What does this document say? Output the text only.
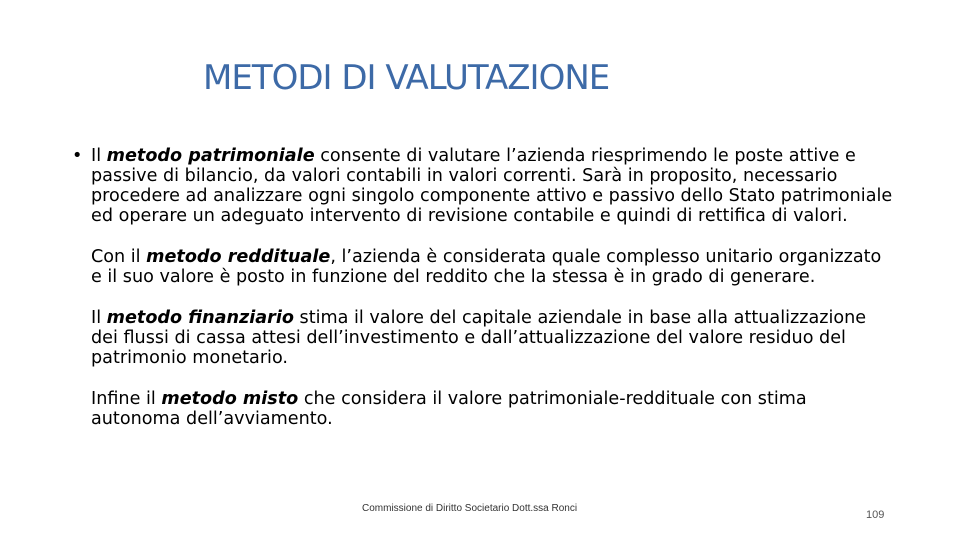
METODI DI VALUTAZIONE

• Il metodo patrimoniale consente di valutare l’azienda riesprimendo le poste attive e passive di bilancio, da valori contabili in valori correnti. Sarà in proposito, necessario procedere ad analizzare ogni singolo componente attivo e passivo dello Stato patrimoniale ed operare un adeguato intervento di revisione contabile e quindi di rettifica di valori.

Con il metodo reddituale, l’azienda è considerata quale complesso unitario organizzato e il suo valore è posto in funzione del reddito che la stessa è in grado di generare.

Il metodo finanziario stima il valore del capitale aziendale in base alla attualizzazione dei flussi di cassa attesi dell’investimento e dall’attualizzazione del valore residuo del patrimonio monetario.

Infine il metodo misto che considera il valore patrimoniale-reddituale con stima autonoma dell’avviamento.

Commissione di Diritto Societario Dott.ssa Ronci
109
